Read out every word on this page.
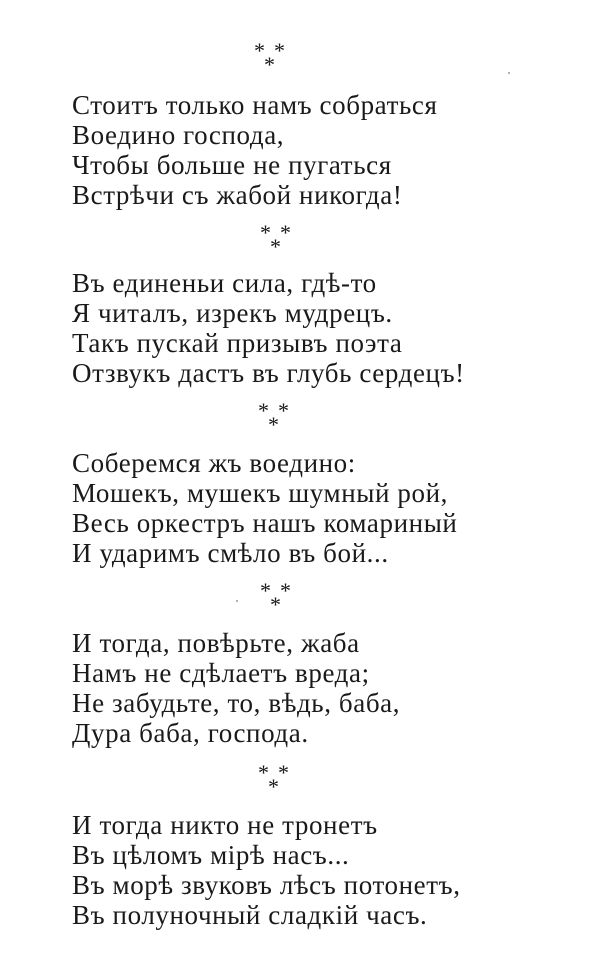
* *
*
Стоитъ только намъ собраться
Воедино господа,
Чтобы больше не пугаться
Встрѣчи съ жабой никогда!
* *
*
Въ единеньи сила, гдѣ-то
Я читалъ, изрекъ мудрецъ.
Такъ пускай призывъ поэта
Отзвукъ дастъ въ глубь сердецъ!
* *
*
Соберемся жъ воедино:
Мошекъ, мушекъ шумный рой,
Весь оркестръ нашъ комариный
И ударимъ смѣло въ бой...
* *
*
И тогда, повѣрьте, жаба
Намъ не сдѣлаетъ вреда;
Не забудьте, то, вѣдь, баба,
Дура баба, господа.
* *
*
И тогда никто не тронетъ
Въ цѣломъ мірѣ насъ...
Въ морѣ звуковъ лѣсъ потонетъ,
Въ полуночный сладкій часъ.
